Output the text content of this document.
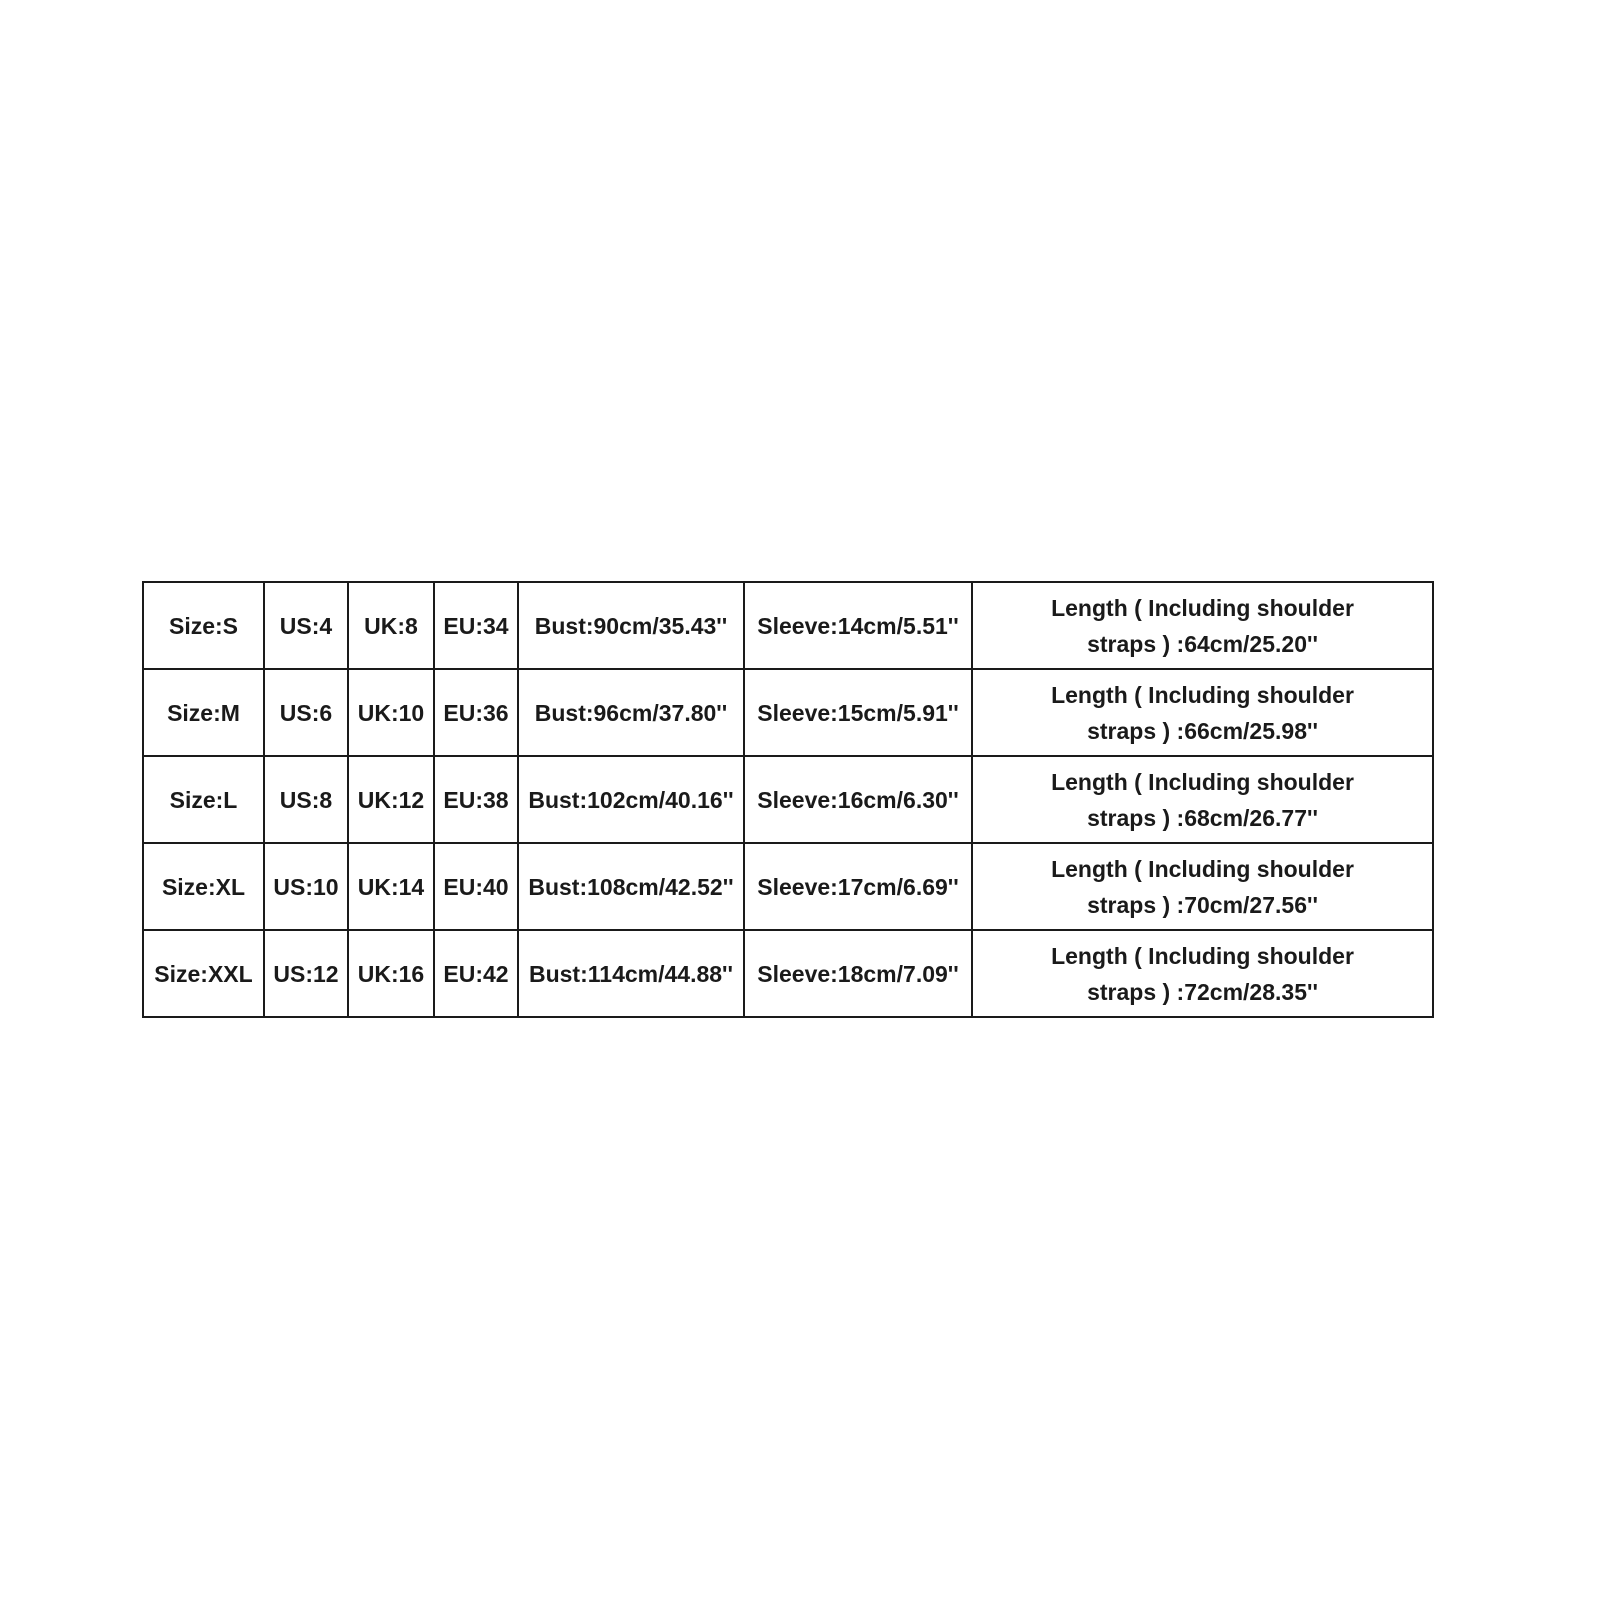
Size:S	US:4	UK:8	EU:34	Bust:90cm/35.43''	Sleeve:14cm/5.51''	Length ( Including shoulder
straps ) :64cm/25.20''

Size:M	US:6	UK:10	EU:36	Bust:96cm/37.80''	Sleeve:15cm/5.91''	Length ( Including shoulder
straps ) :66cm/25.98''

Size:L	US:8	UK:12	EU:38	Bust:102cm/40.16''	Sleeve:16cm/6.30''	Length ( Including shoulder
straps ) :68cm/26.77''

Size:XL	US:10	UK:14	EU:40	Bust:108cm/42.52''	Sleeve:17cm/6.69''	Length ( Including shoulder
straps ) :70cm/27.56''

Size:XXL	US:12	UK:16	EU:42	Bust:114cm/44.88''	Sleeve:18cm/7.09''	Length ( Including shoulder
straps ) :72cm/28.35''
